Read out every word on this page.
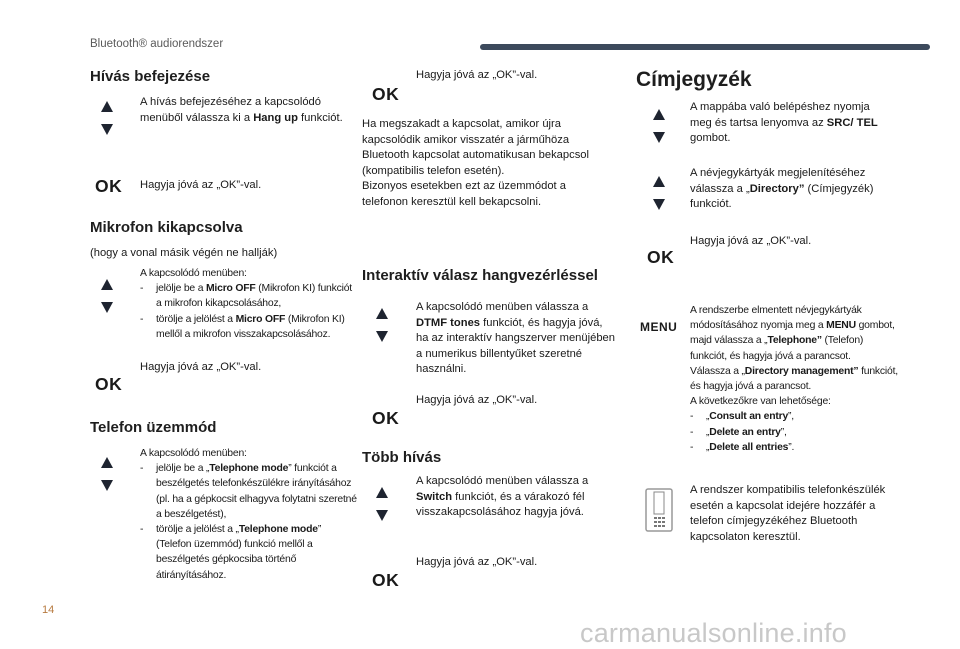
Bluetooth® audiorendszer
Hívás befejezése
A hívás befejezéséhez a kapcsolódó menüből válassza ki a Hang up funkciót.
OK Hagyja jóvá az „OK”-val.
Mikrofon kikapcsolva
(hogy a vonal másik végén ne hallják)
A kapcsolódó menüben:
- jelölje be a Micro OFF (Mikrofon KI) funkciót a mikrofon kikapcsolásához,
- törölje a jelölést a Micro OFF (Mikrofon KI) mellől a mikrofon visszakapcsolásához.
OK
Hagyja jóvá az „OK”-val.
Telefon üzemmód
A kapcsolódó menüben:
- jelölje be a „Telephone mode” funkciót a beszélgetés telefonkészülékre irányításához (pl. ha a gépkocsit elhagyva folytatni szeretné a beszélgetést),
- törölje a jelölést a „Telephone mode” (Telefon üzemmód) funkció mellől a beszélgetés gépkocsiba történő átirányításához.
OK
Hagyja jóvá az „OK”-val.
Ha megszakadt a kapcsolat, amikor újra kapcsolódik amikor visszatér a járműhöza Bluetooth kapcsolat automatikusan bekapcsol (kompatibilis telefon esetén).
Bizonyos esetekben ezt az üzemmódot a telefonon keresztül kell bekapcsolni.
Interaktív válasz hangvezérléssel
A kapcsolódó menüben válassza a DTMF tones funkciót, és hagyja jóvá, ha az interaktív hangszerver menüjében a numerikus billentyűket szeretné használni.
OK
Hagyja jóvá az „OK”-val.
Több hívás
A kapcsolódó menüben válassza a Switch funkciót, és a várakozó fél visszakapcsolásához hagyja jóvá.
OK
Hagyja jóvá az „OK”-val.
Címjegyzék
A mappába való belépéshez nyomja meg és tartsa lenyomva az SRC/ TEL gombot.
A névjegykártyák megjelenítéséhez válassza a „Directory” (Címjegyzék) funkciót.
OK
Hagyja jóvá az „OK”-val.
MENU
A rendszerbe elmentett névjegykártyák módosításához nyomja meg a MENU gombot, majd válassza a „Telephone” (Telefon) funkciót, és hagyja jóvá a parancsot.
Válassza a „Directory management” funkciót, és hagyja jóvá a parancsot.
A következőkre van lehetősége:
- „Consult an entry”,
- „Delete an entry”,
- „Delete all entries”.
A rendszer kompatibilis telefonkészülék esetén a kapcsolat idejére hozzáfér a telefon címjegyzékéhez Bluetooth kapcsolaton keresztül.
14
carmanualsonline.info
